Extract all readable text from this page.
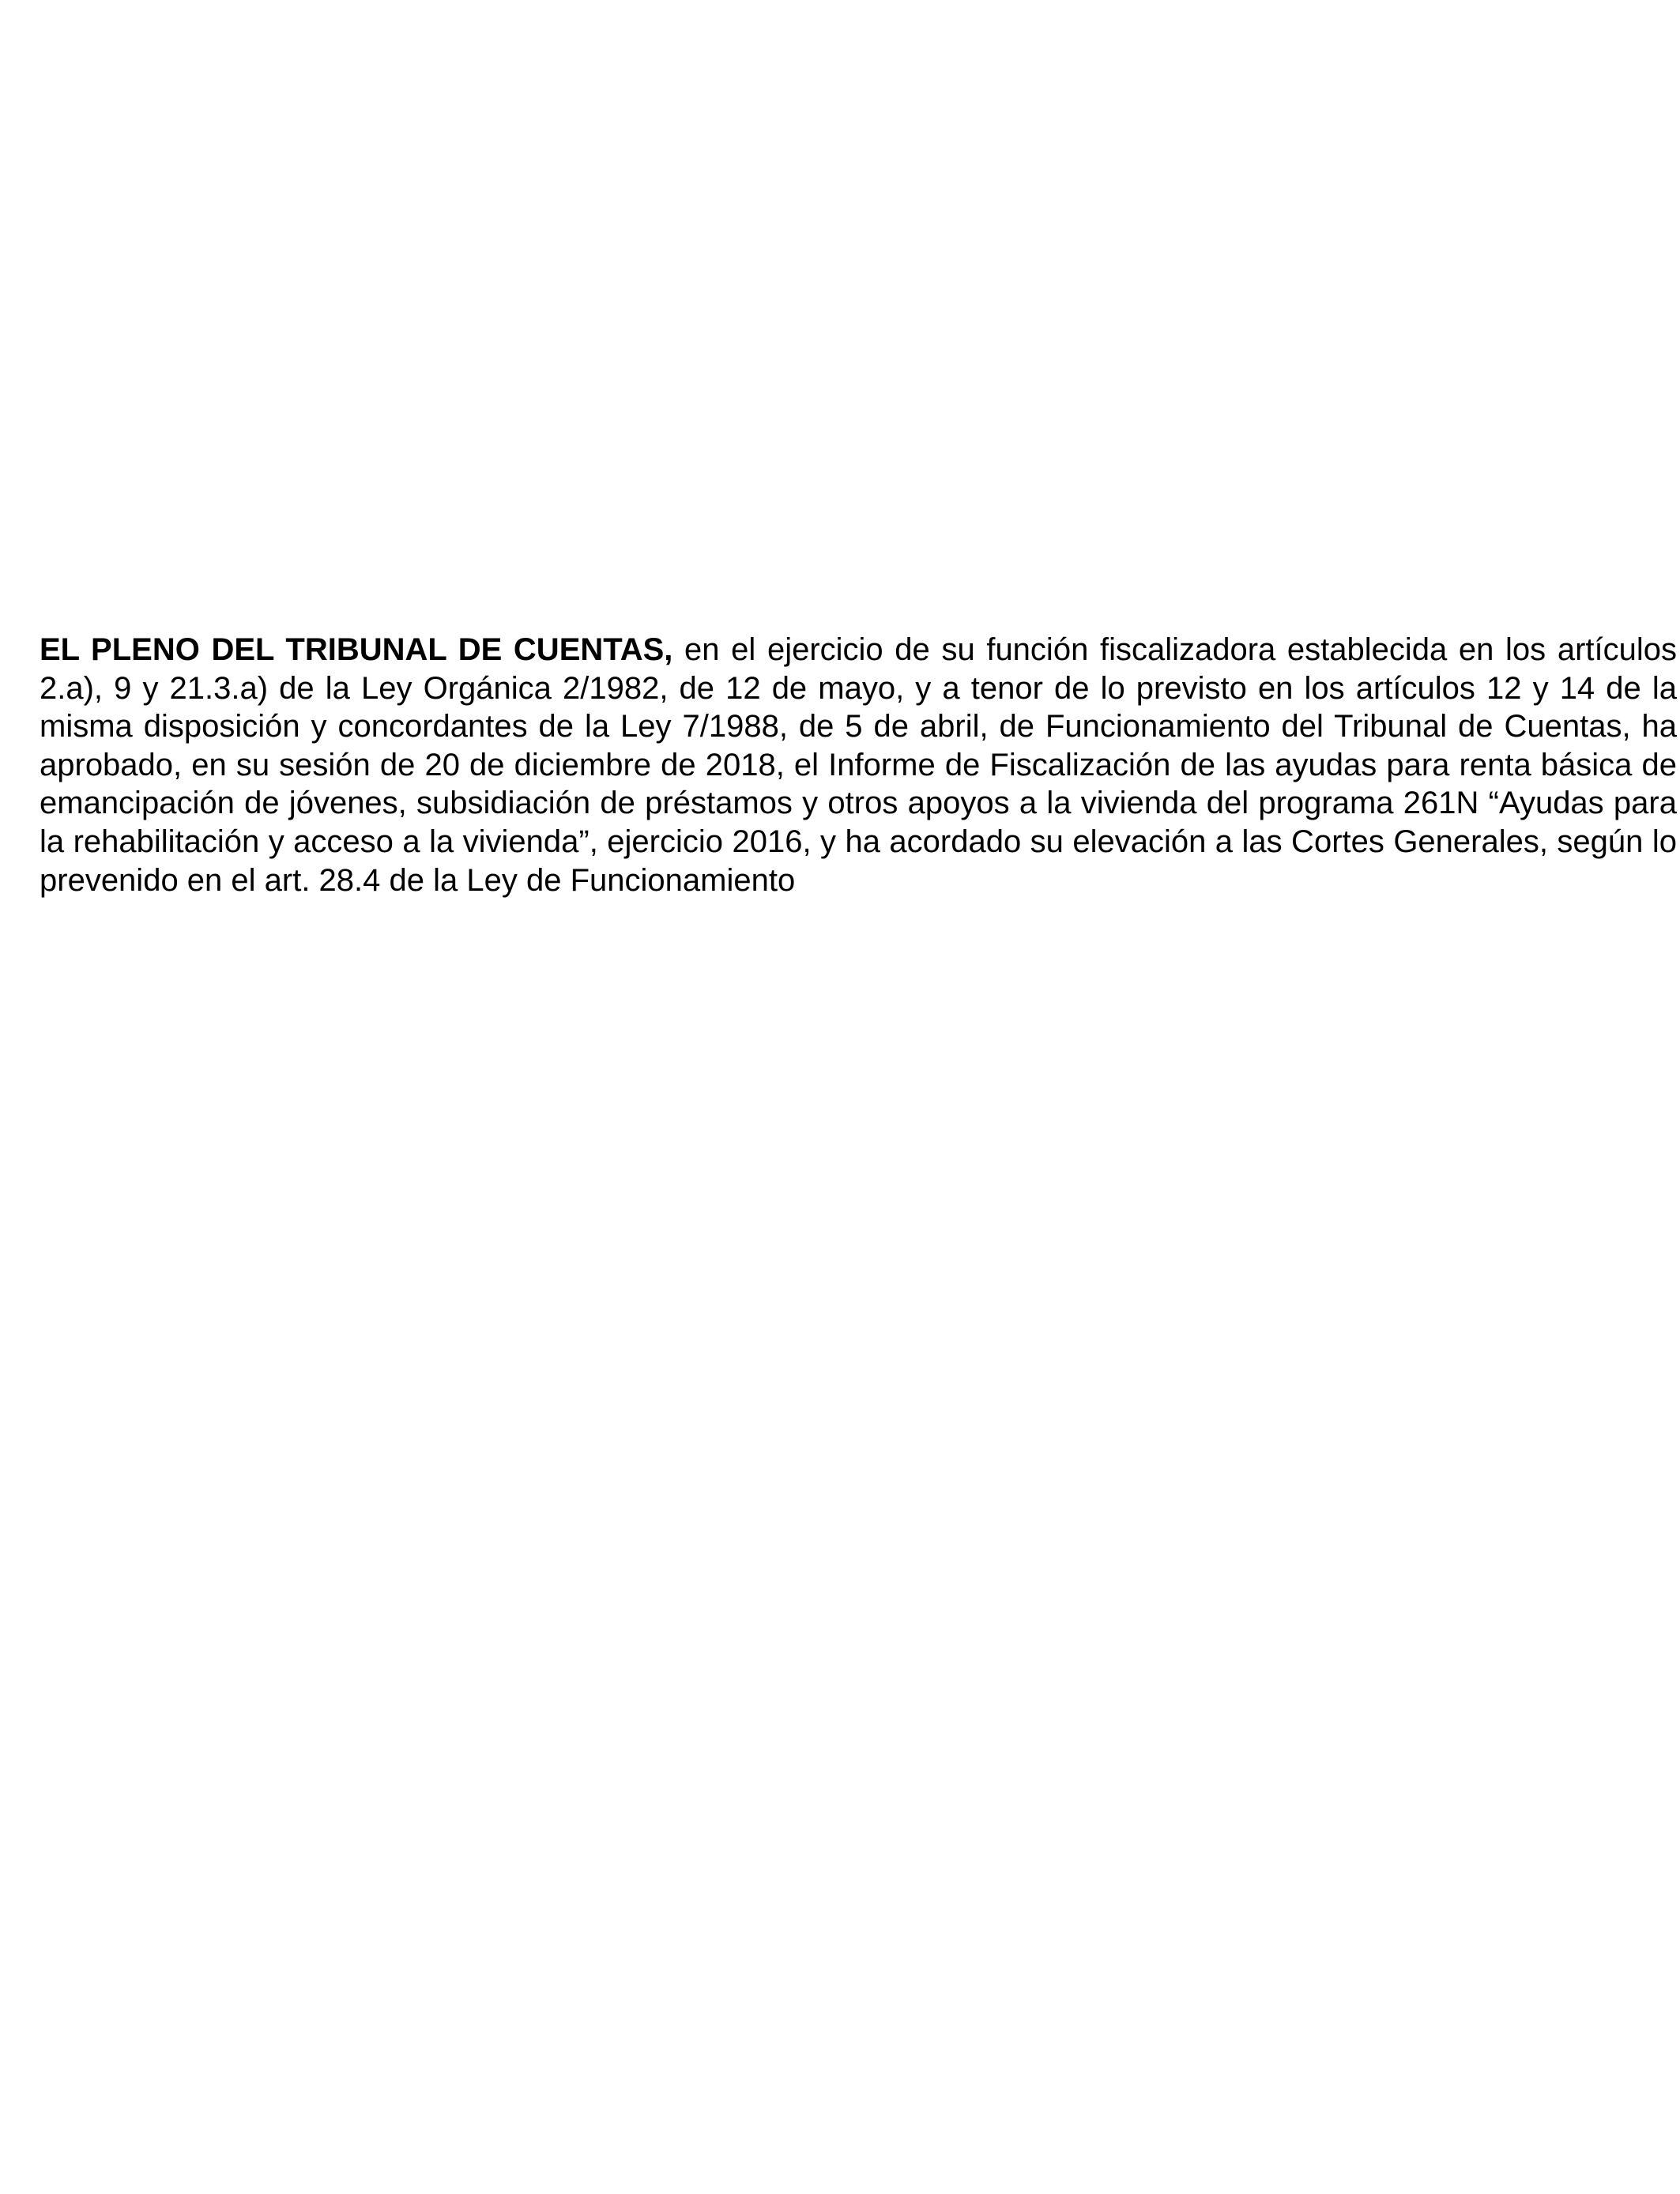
EL PLENO DEL TRIBUNAL DE CUENTAS, en el ejercicio de su función fiscalizadora establecida en los artículos 2.a), 9 y 21.3.a) de la Ley Orgánica 2/1982, de 12 de mayo, y a tenor de lo previsto en los artículos 12 y 14 de la misma disposición y concordantes de la Ley 7/1988, de 5 de abril, de Funcionamiento del Tribunal de Cuentas, ha aprobado, en su sesión de 20 de diciembre de 2018, el Informe de Fiscalización de las ayudas para renta básica de emancipación de jóvenes, subsidiación de préstamos y otros apoyos a la vivienda del programa 261N “Ayudas para la rehabilitación y acceso a la vivienda”, ejercicio 2016, y ha acordado su elevación a las Cortes Generales, según lo prevenido en el art. 28.4 de la Ley de Funcionamiento
